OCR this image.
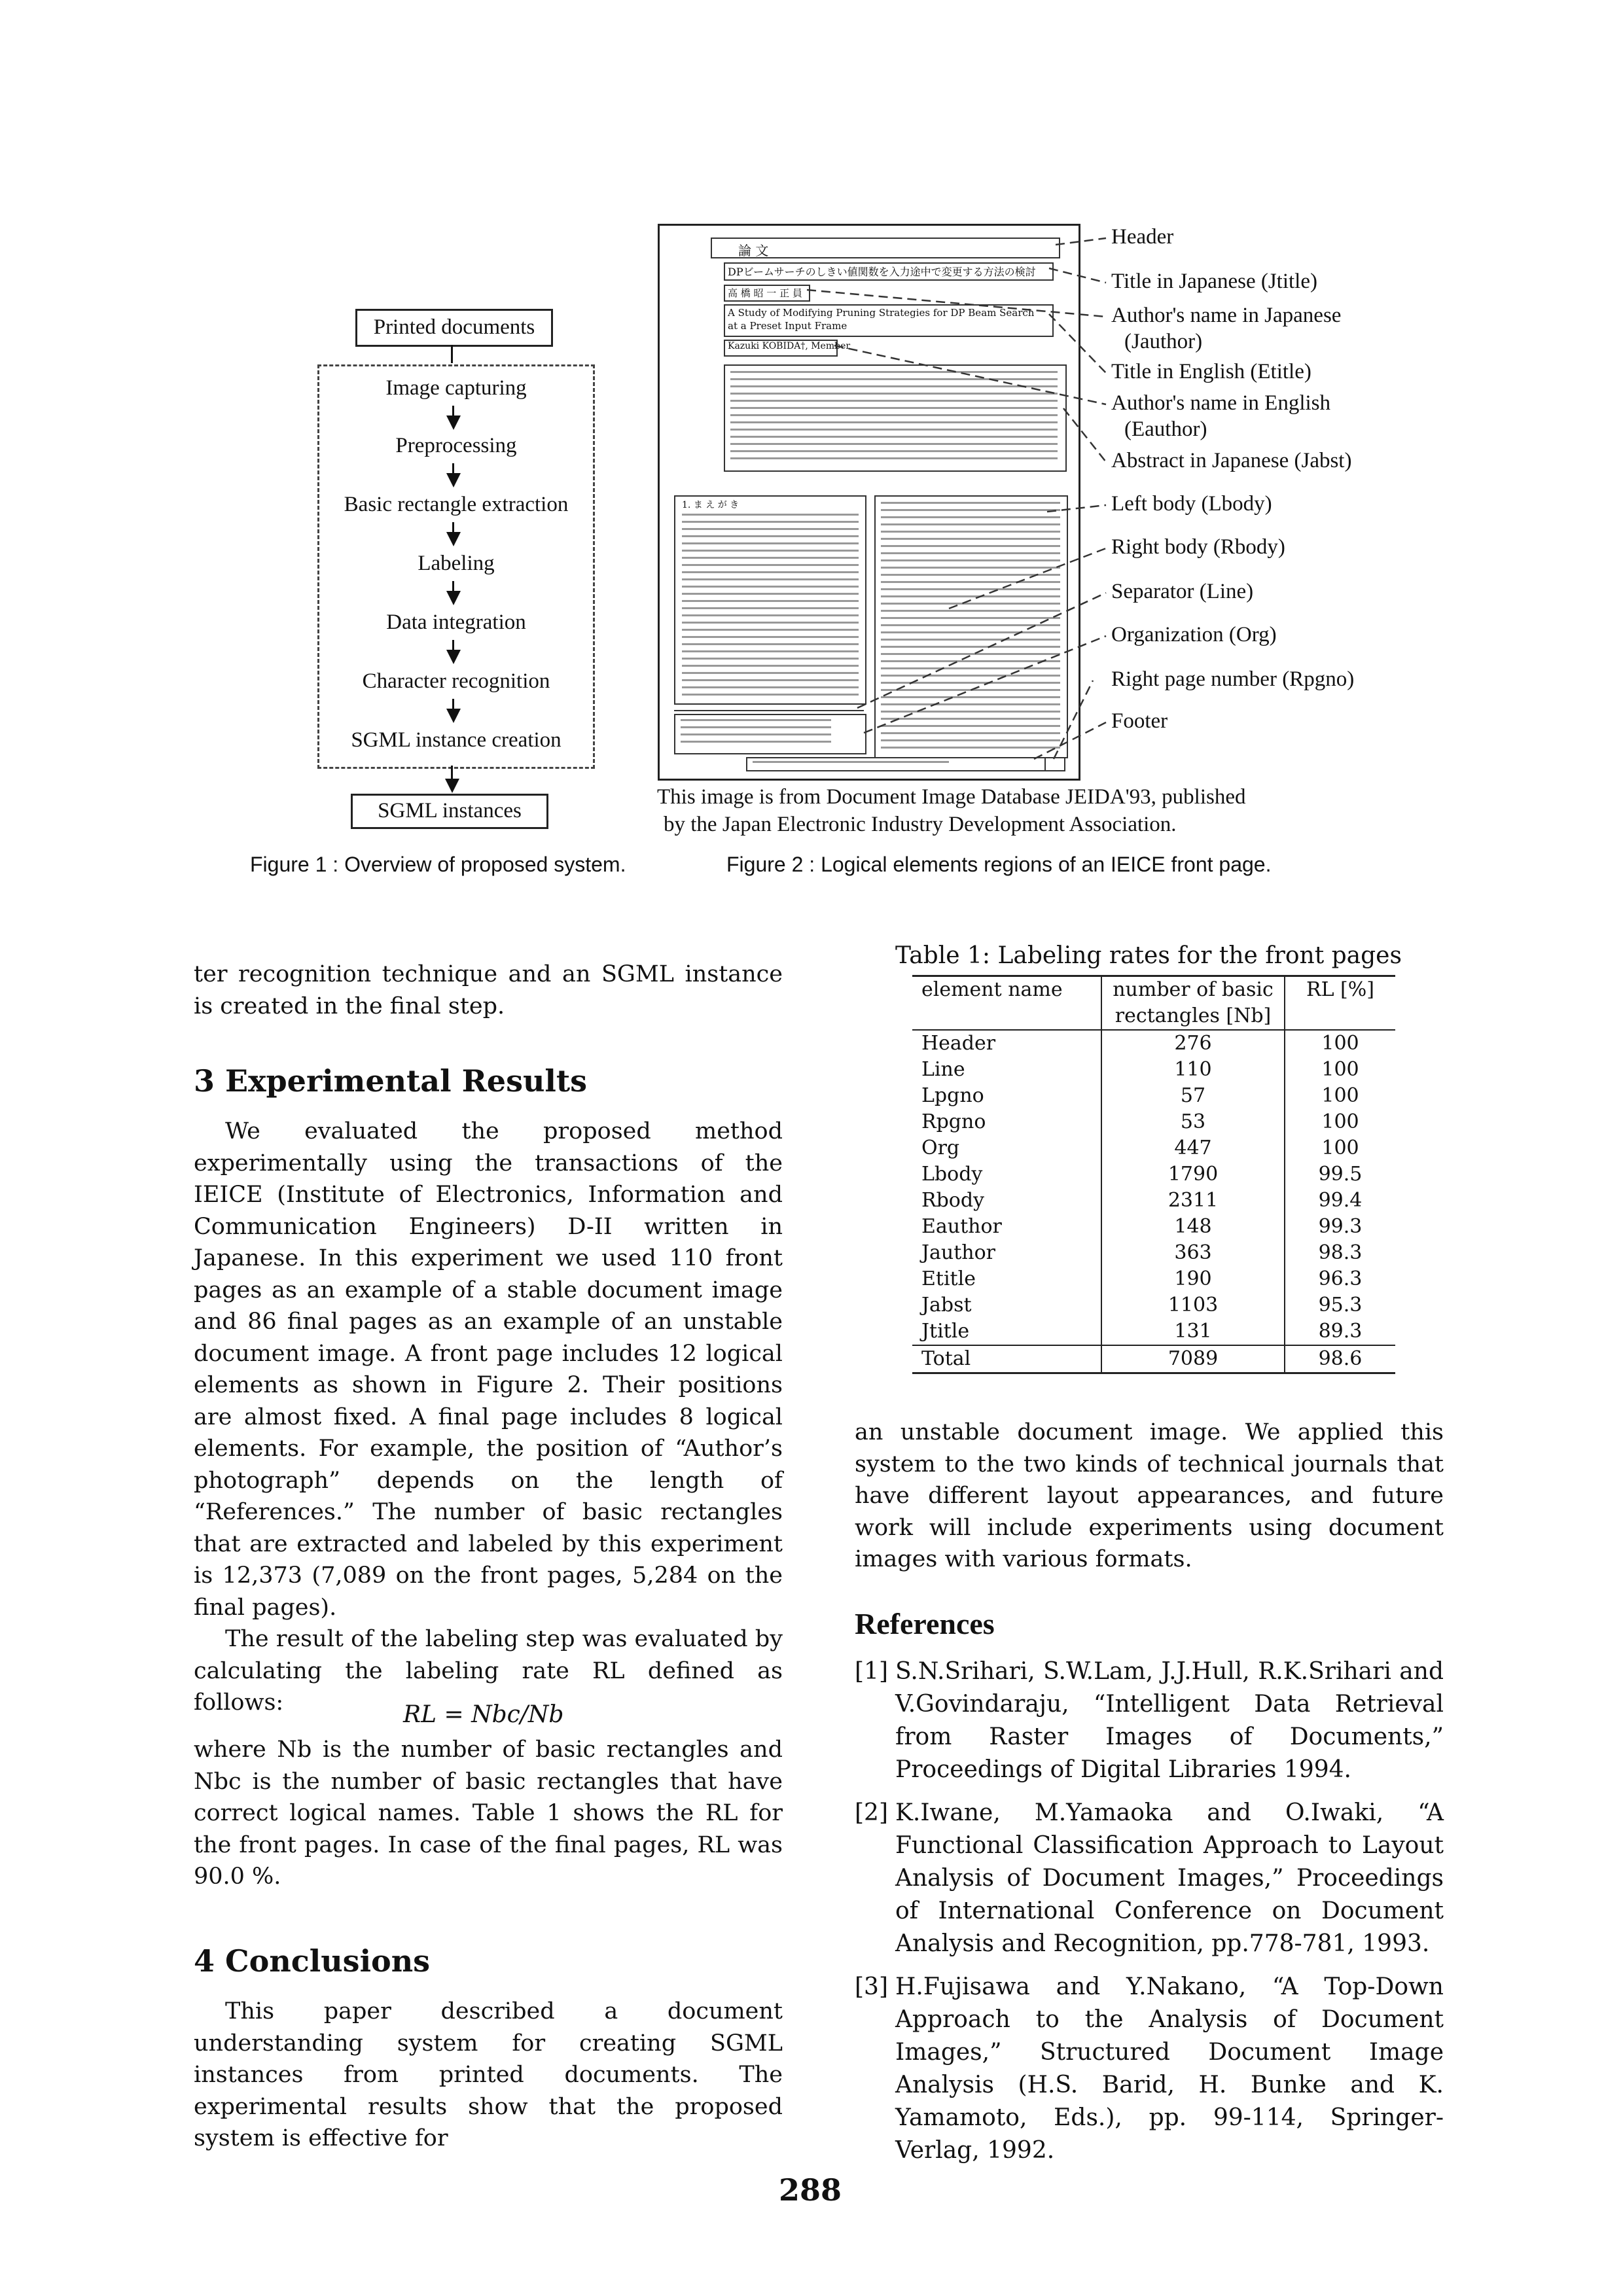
Printed documents
Image capturing
Preprocessing
Basic rectangle extraction
Labeling
Data integration
Character recognition
SGML instance creation
SGML instances
Figure 1 : Overview of proposed system.
論 文
DPビームサーチのしきい値関数を入力途中で変更する方法の検討
高 橋 昭 一 正 員
A Study of Modifying Pruning Strategies for DP Beam Search
at a Preset Input Frame
Kazuki KOBIDA†, Member
1. ま え が き
Header
Title in Japanese (Jtitle)
Author's name in Japanese
(Jauthor)
Title in English (Etitle)
Author's name in English
(Eauthor)
Abstract in Japanese (Jabst)
Left body (Lbody)
Right body (Rbody)
Separator (Line)
Organization (Org)
Right page number (Rpgno)
Footer
This image is from Document Image Database JEIDA'93, published
by the Japan Electronic Industry Development Association.
Figure 2 : Logical elements regions of an IEICE front page.

ter recognition technique and an SGML instance is created in the final step.

3 Experimental Results

We evaluated the proposed method experimentally using the transactions of the IEICE (Institute of Electronics, Information and Communication Engineers) D-II written in Japanese. In this experiment we used 110 front pages as an example of a stable document image and 86 final pages as an example of an unstable document image. A front page includes 12 logical elements as shown in Figure 2. Their positions are almost fixed. A final page includes 8 logical elements. For example, the position of “Author’s photograph” depends on the length of “References.” The number of basic rectangles that are extracted and labeled by this experiment is 12,373 (7,089 on the front pages, 5,284 on the final pages).

The result of the labeling step was evaluated by calculating the labeling rate RL defined as follows:	RL = Nbc/Nb

where Nb is the number of basic rectangles and Nbc is the number of basic rectangles that have correct logical names. Table 1 shows the RL for the front pages. In case of the final pages, RL was 90.0 %.

4 Conclusions

This paper described a document understanding system for creating SGML instances from printed documents. The experimental results show that the proposed system is effective for

Table 1: Labeling rates for the front pages
element name	number of basic	RL [%]
	rectangles [Nb]	
Header	276	100
Line	110	100
Lpgno	57	100
Rpgno	53	100
Org	447	100
Lbody	1790	99.5
Rbody	2311	99.4
Eauthor	148	99.3
Jauthor	363	98.3
Etitle	190	96.3
Jabst	1103	95.3
Jtitle	131	89.3
Total	7089	98.6

an unstable document image. We applied this system to the two kinds of technical journals that have different layout appearances, and future work will include experiments using document images with various formats.

References
[1] S.N.Srihari, S.W.Lam, J.J.Hull, R.K.Srihari and V.Govindaraju, “Intelligent Data Retrieval from Raster Images of Documents,” Proceedings of Digital Libraries 1994.
[2] K.Iwane, M.Yamaoka and O.Iwaki, “A Functional Classification Approach to Layout Analysis of Document Images,” Proceedings of International Conference on Document Analysis and Recognition, pp.778-781, 1993.
[3] H.Fujisawa and Y.Nakano, “A Top-Down Approach to the Analysis of Document Images,” Structured Document Image Analysis (H.S. Barid, H. Bunke and K. Yamamoto, Eds.), pp. 99-114, Springer-Verlag, 1992.
288
